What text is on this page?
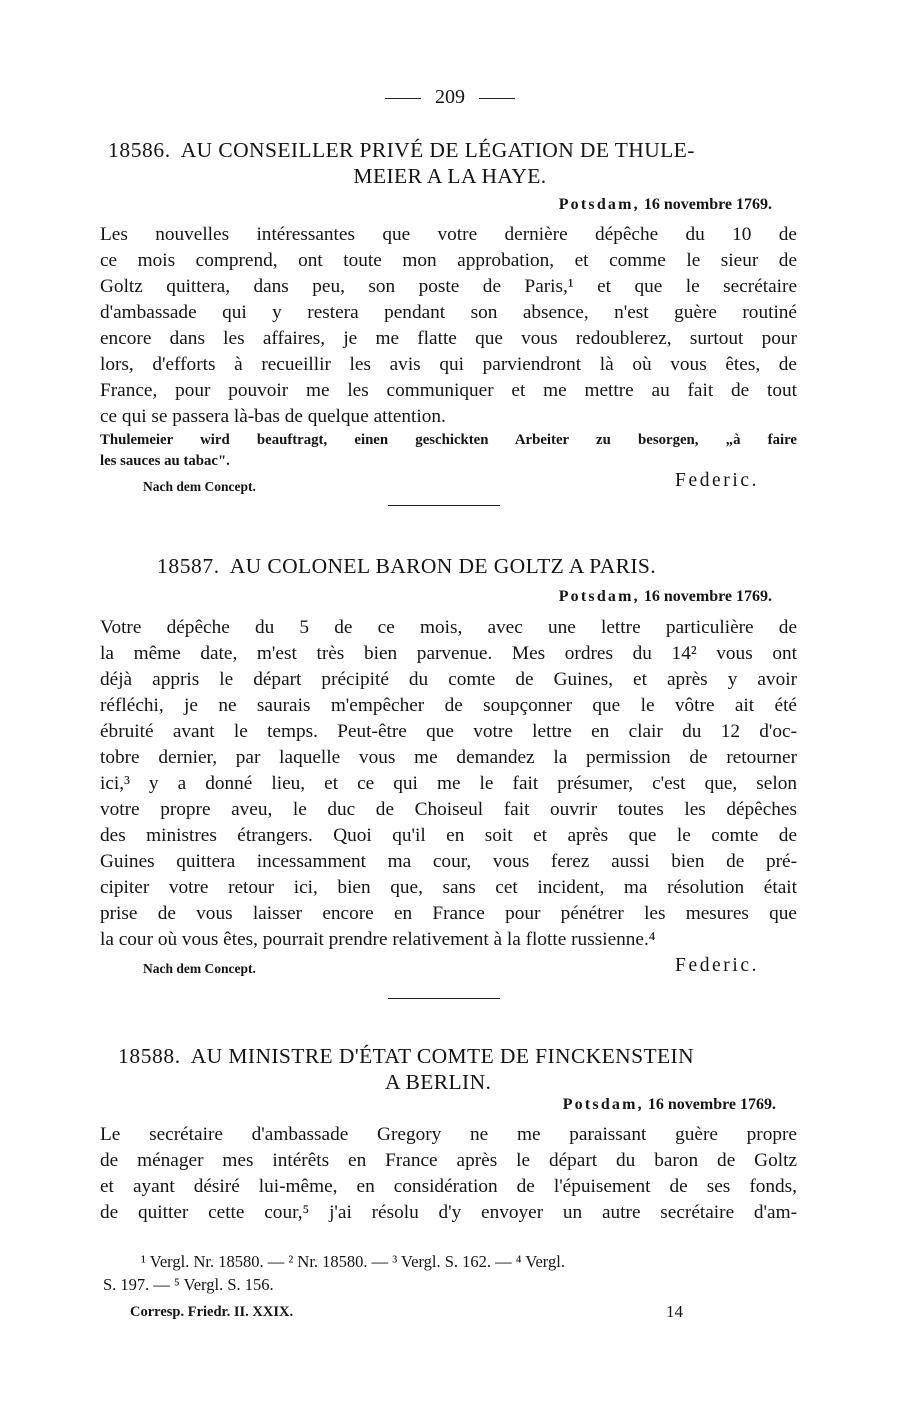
209
18586. AU CONSEILLER PRIVÉ DE LÉGATION DE THULE-
MEIER A LA HAYE.
Potsdam, 16 novembre 1769.
Les nouvelles intéressantes que votre dernière dépêche du 10 de
ce mois comprend, ont toute mon approbation, et comme le sieur de
Goltz quittera, dans peu, son poste de Paris,¹ et que le secrétaire
d'ambassade qui y restera pendant son absence, n'est guère routiné
encore dans les affaires, je me flatte que vous redoublerez, surtout pour
lors, d'efforts à recueillir les avis qui parviendront là où vous êtes, de
France, pour pouvoir me les communiquer et me mettre au fait de tout
ce qui se passera là-bas de quelque attention.
Thulemeier wird beauftragt, einen geschickten Arbeiter zu besorgen, „à faire
les sauces au tabac".
Nach dem Concept.	Federic.
18587. AU COLONEL BARON DE GOLTZ A PARIS.
Potsdam, 16 novembre 1769.
Votre dépêche du 5 de ce mois, avec une lettre particulière de
la même date, m'est très bien parvenue. Mes ordres du 14² vous ont
déjà appris le départ précipité du comte de Guines, et après y avoir
réfléchi, je ne saurais m'empêcher de soupçonner que le vôtre ait été
ébruité avant le temps. Peut-être que votre lettre en clair du 12 d'oc-
tobre dernier, par laquelle vous me demandez la permission de retourner
ici,³ y a donné lieu, et ce qui me le fait présumer, c'est que, selon
votre propre aveu, le duc de Choiseul fait ouvrir toutes les dépêches
des ministres étrangers. Quoi qu'il en soit et après que le comte de
Guines quittera incessamment ma cour, vous ferez aussi bien de pré-
cipiter votre retour ici, bien que, sans cet incident, ma résolution était
prise de vous laisser encore en France pour pénétrer les mesures que
la cour où vous êtes, pourrait prendre relativement à la flotte russienne.⁴
Nach dem Concept.	Federic.
18588. AU MINISTRE D'ÉTAT COMTE DE FINCKENSTEIN
A BERLIN.
Potsdam, 16 novembre 1769.
Le secrétaire d'ambassade Gregory ne me paraissant guère propre
de ménager mes intérêts en France après le départ du baron de Goltz
et ayant désiré lui-même, en considération de l'épuisement de ses fonds,
de quitter cette cour,⁵ j'ai résolu d'y envoyer un autre secrétaire d'am-
¹ Vergl. Nr. 18580. — ² Nr. 18580. — ³ Vergl. S. 162. — ⁴ Vergl.
S. 197. — ⁵ Vergl. S. 156.
Corresp. Friedr. II. XXIX.	14
